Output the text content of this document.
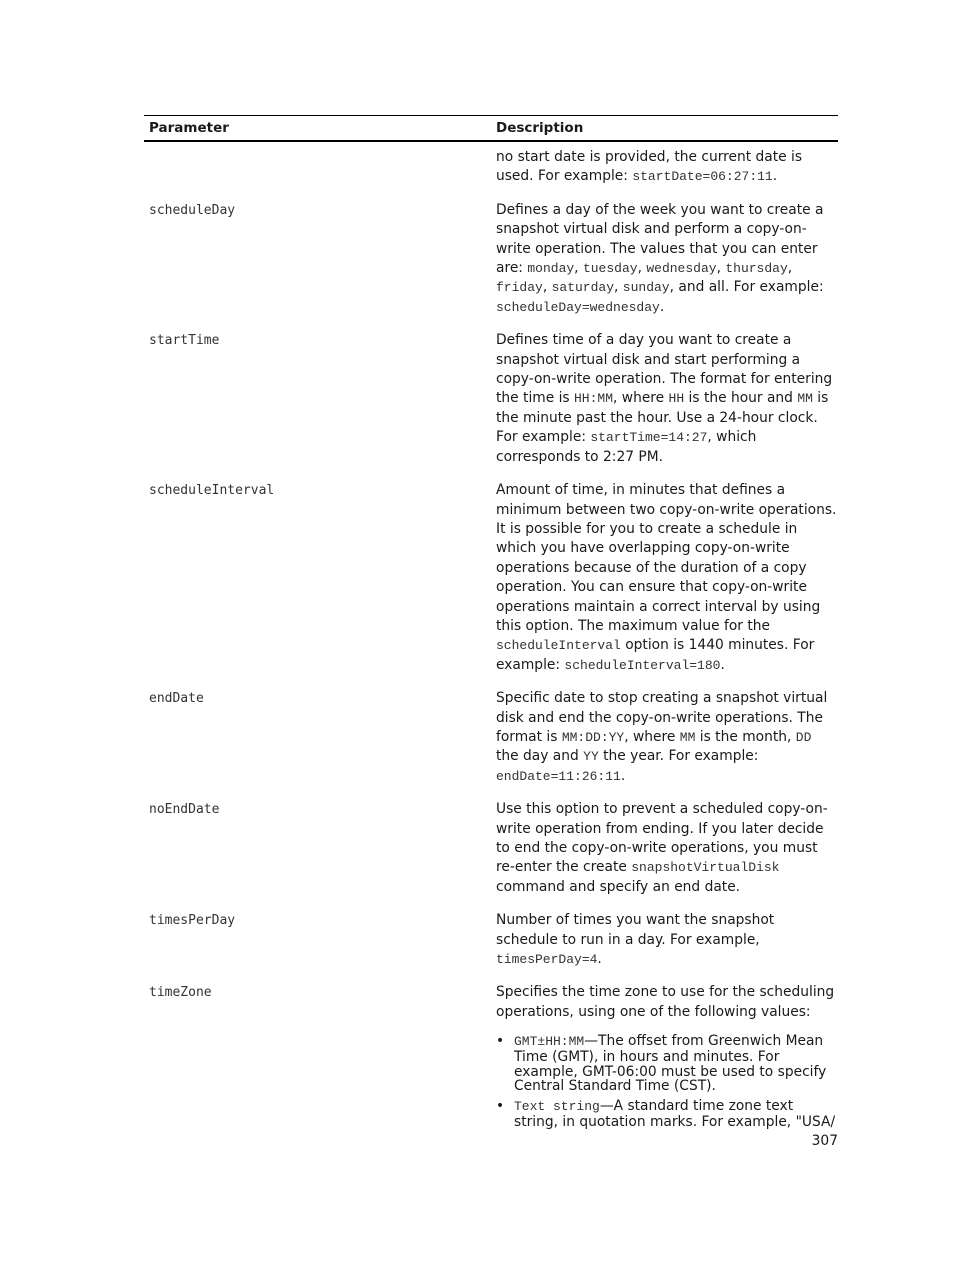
Parameter	Description
no start date is provided, the current date is used. For example: startDate=06:27:11.
scheduleDay	Defines a day of the week you want to create a snapshot virtual disk and perform a copy-on-write operation. The values that you can enter are: monday, tuesday, wednesday, thursday, friday, saturday, sunday, and all. For example: scheduleDay=wednesday.
startTime	Defines time of a day you want to create a snapshot virtual disk and start performing a copy-on-write operation. The format for entering the time is HH:MM, where HH is the hour and MM is the minute past the hour. Use a 24-hour clock. For example: startTime=14:27, which corresponds to 2:27 PM.
scheduleInterval	Amount of time, in minutes that defines a minimum between two copy-on-write operations. It is possible for you to create a schedule in which you have overlapping copy-on-write operations because of the duration of a copy operation. You can ensure that copy-on-write operations maintain a correct interval by using this option. The maximum value for the scheduleInterval option is 1440 minutes. For example: scheduleInterval=180.
endDate	Specific date to stop creating a snapshot virtual disk and end the copy-on-write operations. The format is MM:DD:YY, where MM is the month, DD the day and YY the year. For example: endDate=11:26:11.
noEndDate	Use this option to prevent a scheduled copy-on-write operation from ending. If you later decide to end the copy-on-write operations, you must re-enter the create snapshotVirtualDisk command and specify an end date.
timesPerDay	Number of times you want the snapshot schedule to run in a day. For example, timesPerDay=4.
timeZone	Specifies the time zone to use for the scheduling operations, using one of the following values:
• GMT±HH:MM—The offset from Greenwich Mean Time (GMT), in hours and minutes. For example, GMT-06:00 must be used to specify Central Standard Time (CST).
• Text string—A standard time zone text string, in quotation marks. For example, "USA/
307
